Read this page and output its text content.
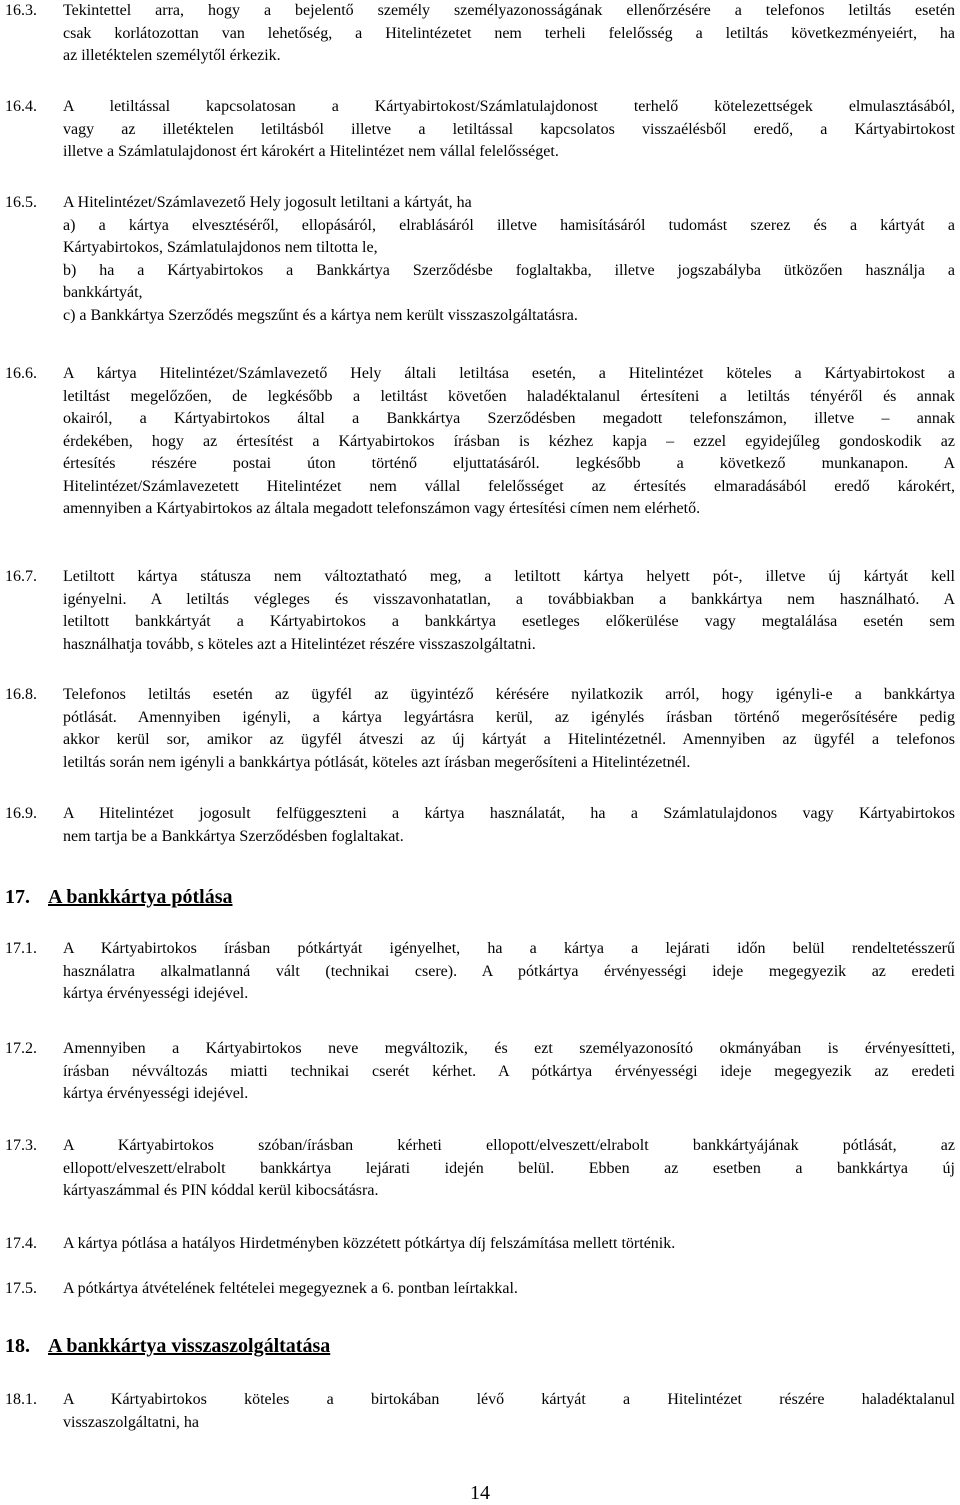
16.3. Tekintettel arra, hogy a bejelentő személy személyazonosságának ellenőrzésére a telefonos letiltás esetén
csak korlátozottan van lehetőség, a Hitelintézetet nem terheli felelősség a letiltás következményeiért, ha
az illetéktelen személytől érkezik.
16.4. A letiltással kapcsolatosan a Kártyabirtokost/Számlatulajdonost terhelő kötelezettségek elmulasztásából,
vagy az illetéktelen letiltásból illetve a letiltással kapcsolatos visszaélésből eredő, a Kártyabirtokost
illetve a Számlatulajdonost ért károkért a Hitelintézet nem vállal felelősséget.
16.5. A Hitelintézet/Számlavezető Hely jogosult letiltani a kártyát, ha
a) a kártya elvesztéséről, ellopásáról, elrablásáról illetve hamisításáról tudomást szerez és a kártyát a
Kártyabirtokos, Számlatulajdonos nem tiltotta le,
b) ha a Kártyabirtokos a Bankkártya Szerződésbe foglaltakba, illetve jogszabályba ütközően használja a
bankkártyát,
c) a Bankkártya Szerződés megszűnt és a kártya nem került visszaszolgáltatásra.
16.6. A kártya Hitelintézet/Számlavezető Hely általi letiltása esetén, a Hitelintézet köteles a Kártyabirtokost a
letiltást megelőzően, de legkésőbb a letiltást követően haladéktalanul értesíteni a letiltás tényéről és annak
okairól, a Kártyabirtokos által a Bankkártya Szerződésben megadott telefonszámon, illetve – annak
érdekében, hogy az értesítést a Kártyabirtokos írásban is kézhez kapja – ezzel egyidejűleg gondoskodik az
értesítés részére postai úton történő eljuttatásáról. legkésőbb a következő munkanapon. A
Hitelintézet/Számlavezetett Hitelintézet nem vállal felelősséget az értesítés elmaradásából eredő károkért,
amennyiben a Kártyabirtokos az általa megadott telefonszámon vagy értesítési címen nem elérhető.
16.7. Letiltott kártya státusza nem változtatható meg, a letiltott kártya helyett pót-, illetve új kártyát kell
igényelni. A letiltás végleges és visszavonhatatlan, a továbbiakban a bankkártya nem használható. A
letiltott bankkártyát a Kártyabirtokos a bankkártya esetleges előkerülése vagy megtalálása esetén sem
használhatja tovább, s köteles azt a Hitelintézet részére visszaszolgáltatni.
16.8. Telefonos letiltás esetén az ügyfél az ügyintéző kérésére nyilatkozik arról, hogy igényli-e a bankkártya
pótlását. Amennyiben igényli, a kártya legyártásra kerül, az igénylés írásban történő megerősítésére pedig
akkor kerül sor, amikor az ügyfél átveszi az új kártyát a Hitelintézetnél. Amennyiben az ügyfél a telefonos
letiltás során nem igényli a bankkártya pótlását, köteles azt írásban megerősíteni a Hitelintézetnél.
16.9. A Hitelintézet jogosult felfüggeszteni a kártya használatát, ha a Számlatulajdonos vagy Kártyabirtokos
nem tartja be a Bankkártya Szerződésben foglaltakat.
17. A bankkártya pótlása
17.1. A Kártyabirtokos írásban pótkártyát igényelhet, ha a kártya a lejárati időn belül rendeltetésszerű
használatra alkalmatlanná vált (technikai csere). A pótkártya érvényességi ideje megegyezik az eredeti
kártya érvényességi idejével.
17.2. Amennyiben a Kártyabirtokos neve megváltozik, és ezt személyazonosító okmányában is érvényesítteti,
írásban névváltozás miatti technikai cserét kérhet. A pótkártya érvényességi ideje megegyezik az eredeti
kártya érvényességi idejével.
17.3. A Kártyabirtokos szóban/írásban kérheti ellopott/elveszett/elrabolt bankkártyájának pótlását, az
ellopott/elveszett/elrabolt bankkártya lejárati idején belül. Ebben az esetben a bankkártya új
kártyaszámmal és PIN kóddal kerül kibocsátásra.
17.4. A kártya pótlása a hatályos Hirdetményben közzétett pótkártya díj felszámítása mellett történik.
17.5. A pótkártya átvételének feltételei megegyeznek a 6. pontban leírtakkal.
18. A bankkártya visszaszolgáltatása
18.1. A Kártyabirtokos köteles a birtokában lévő kártyát a Hitelintézet részére haladéktalanul
visszaszolgáltatni, ha
14
